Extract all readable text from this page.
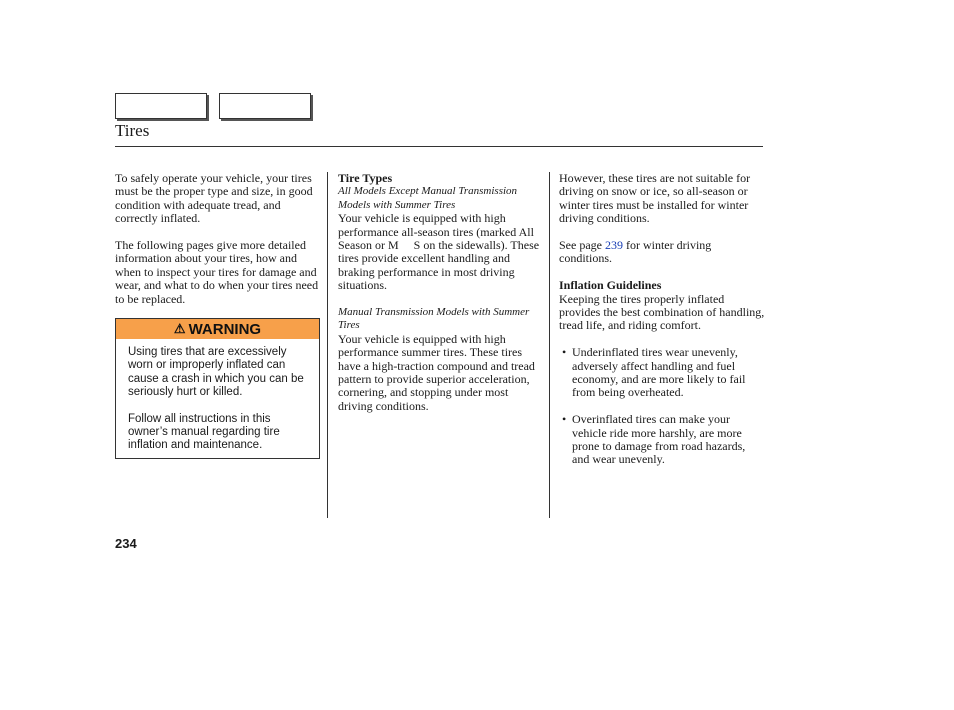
Tires

To safely operate your vehicle, your tires must be the proper type and size, in good condition with adequate tread, and correctly inflated.

The following pages give more detailed information about your tires, how and when to inspect your tires for damage and wear, and what to do when your tires need to be replaced.

⚠ WARNING

Using tires that are excessively worn or improperly inflated can cause a crash in which you can be seriously hurt or killed.

Follow all instructions in this owner’s manual regarding tire inflation and maintenance.

Tire Types

All Models Except Manual Transmission Models with Summer Tires

Your vehicle is equipped with high performance all-season tires (marked All Season or M     S on the sidewalls). These tires provide excellent handling and braking performance in most driving situations.

Manual Transmission Models with Summer Tires

Your vehicle is equipped with high performance summer tires. These tires have a high-traction compound and tread pattern to provide superior acceleration, cornering, and stopping under most driving conditions.

However, these tires are not suitable for driving on snow or ice, so all-season or winter tires must be installed for winter driving conditions.

See page 239 for winter driving conditions.

Inflation Guidelines

Keeping the tires properly inflated provides the best combination of handling, tread life, and riding comfort.

• Underinflated tires wear unevenly, adversely affect handling and fuel economy, and are more likely to fail from being overheated.

• Overinflated tires can make your vehicle ride more harshly, are more prone to damage from road hazards, and wear unevenly.

234
